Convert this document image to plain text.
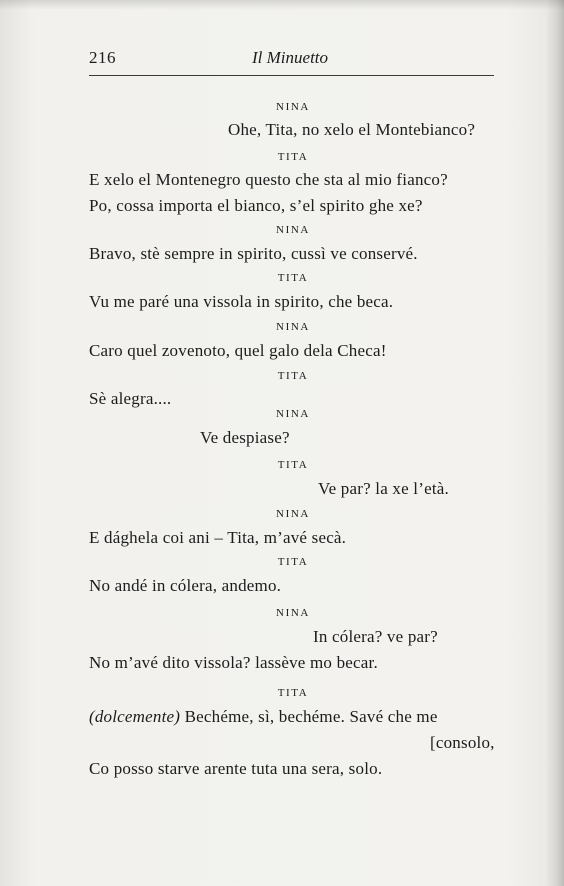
216	Il Minuetto
NINA
Ohe, Tita, no xelo el Montebianco?
TITA
E xelo el Montenegro questo che sta al mio fianco?
Po, cossa importa el bianco, s’el spirito ghe xe?
NINA
Bravo, stè sempre in spirito, cussì ve conservé.
TITA
Vu me paré una vissola in spirito, che beca.
NINA
Caro quel zovenoto, quel galo dela Checa!
TITA
Sè alegra....
NINA
Ve despiase?
TITA
Ve par? la xe l’età.
NINA
E dághela coi ani – Tita, m’avé secà.
TITA
No andé in cólera, andemo.
NINA
In cólera? ve par?
No m’avé dito vissola? lassève mo becar.
TITA
(dolcemente) Bechéme, sì, bechéme. Savé che me
[consolo,
Co posso starve arente tuta una sera, solo.
